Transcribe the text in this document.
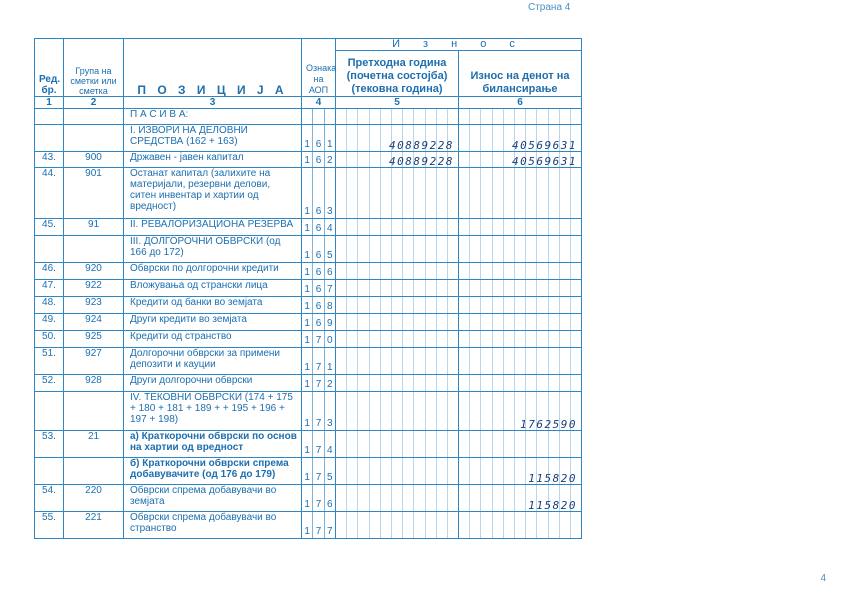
Страна 4
Ред. бр.	Група на сметки или сметка	П О З И Ц И Ј А	Ознака на АОП	И з н о с	
				Претходна година (почетна состојба) (тековна година)	Износ на денот на билансирање
1	2	3	4	5	6
		П А С И В А:	

		I. ИЗВОРИ НА ДЕЛОВНИ СРЕДСТВА (162 + 163)	1 6 1	40889228	40569631

43.	900	Државен - јавен капитал	1 6 2	40889228	40569631

44.	901	Останат капитал (залихите на материјали, резервни делови, ситен инвентар и хартии од вредност)	1 6 3		

45.	91	II. РЕВАЛОРИЗАЦИОНА РЕЗЕРВА	1 6 4		

		III. ДОЛГОРОЧНИ ОБВРСКИ (од 166 до 172)	1 6 5		

46.	920	Обврски по долгорочни кредити	1 6 6		

47.	922	Вложувања од странски лица	1 6 7		

48.	923	Кредити од банки во земјата	1 6 8		

49.	924	Други кредити во земјата	1 6 9		

50.	925	Кредити од странство	1 7 0		

51.	927	Долгорочни обврски за примени депозити и кауции	1 7 1		

52.	928	Други долгорочни обврски	1 7 2		

		IV. ТЕКОВНИ ОБВРСКИ (174 + 175 + 180 + 181 + 189 + + 195 + 196 + 197 + 198)	1 7 3		1762590

53.	21	а) Краткорочни обврски по основ на хартии од вредност	1 7 4		

		б) Краткорочни обврски спрема добавувачите (од 176 до 179)	1 7 5		115820

54.	220	Обврски спрема добавувачи во земјата	1 7 6		115820

55.	221	Обврски спрема добавувачи во странство	1 7 7		

4
